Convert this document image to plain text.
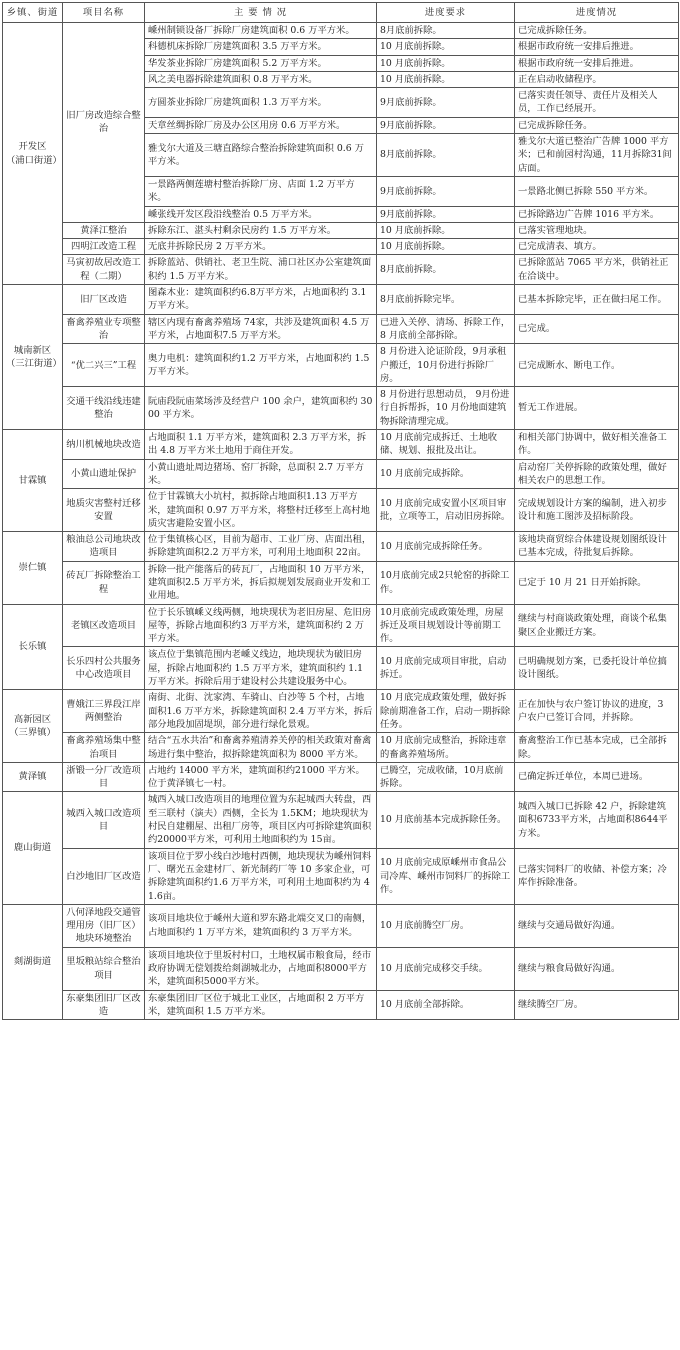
乡镇、街道	项目名称	主 要 情 况	进度要求	进度情况
开发区
（浦口街道）	旧厂房改造综合整治	嵊州制锁设备厂拆除厂房建筑面积 0.6 万平方米。	8月底前拆除。	已完成拆除任务。
		科德机床拆除厂房建筑面积 3.5 万平方米。	10 月底前拆除。	根据市政府统一安排后推进。
		华发茶业拆除厂房建筑面积 5.2 万平方米。	10 月底前拆除。	根据市政府统一安排后推进。
		风之美电器拆除建筑面积 0.8 万平方米。	10 月底前拆除。	正在启动收储程序。
		方圆茶业拆除厂房建筑面积 1.3 万平方米。	9月底前拆除。	已落实责任领导、责任片及相关人员，工作已经展开。
		天章丝绸拆除厂房及办公区用房 0.6 万平方米。	9月底前拆除。	已完成拆除任务。
		雅戈尔大道及三塘直路综合整治拆除建筑面积 0.6 万平方米。	8月底前拆除。	雅戈尔大道已整治广告牌 1000 平方米；已和前园村沟通，11月拆除31间店面。
		一景路两侧莲塘村整治拆除厂房、店面 1.2 万平方米。	9月底前拆除。	一景路北侧已拆除 550 平方米。
		嵊张线开发区段沿线整治 0.5 万平方米。	9月底前拆除。	已拆除路边广告牌 1016 平方米。
	黄泽江整治	拆除东江、湛头村剩余民房约 1.5 万平方米。	10 月底前拆除。	已落实管理地块。
	四明江改造工程	无底井拆除民房 2 万平方米。	10 月底前拆除。	已完成清表、填方。
	马寅初故居改造工程（二期）	拆除蓝站、供销社、老卫生院、浦口社区办公室建筑面积约 1.5 万平方米。	8月底前拆除。	已拆除蓝站 7065 平方米，供销社正在洽谈中。
城南新区
（三江街道）	旧厂区改造	图森木业：建筑面积约6.8万平方米，占地面积约 3.1 万平方米。	8月底前拆除完毕。	已基本拆除完毕，正在做扫尾工作。
	畜禽养殖业专项整治	辖区内现有畜禽养殖场 74家，共涉及建筑面积 4.5 万平方米，占地面积7.5 万平方米。	已进入关停、清场、拆除工作，8 月底前全部拆除。	已完成。
	“优二兴三”工程	奥力电机：建筑面积约1.2 万平方米，占地面积约 1.5 万平方米。	8 月份进入论证阶段，9月承租户搬迁，10月份进行拆除厂房。	已完成断水、断电工作。
	交通干线沿线违建整治	阮庙段阮庙菜场涉及经营户 100 余户，建筑面积约 3000 平方米。	8 月份进行思想动员， 9月份进行自拆帮拆，10 月份地面建筑物拆除清理完成。	暂无工作进展。
甘霖镇	纳川机械地块改造	占地面积 1.1 万平方米，建筑面积 2.3 万平方米，拆出 4.8 万平方米土地用于商住开发。	10 月底前完成拆迁、土地收储、规划、报批及出让。	和相关部门协调中，做好相关准备工作。
	小黄山遗址保护	小黄山遗址周边猪场、窑厂拆除，总面积 2.7 万平方米。	10 月底前完成拆除。	启动窑厂关停拆除的政策处理，做好相关农户的思想工作。
	地质灾害整村迁移安置	位于甘霖镇大小坑村，拟拆除占地面积1.13 万平方米，建筑面积 0.97 万平方米，将整村迁移至上高村地质灾害避险安置小区。	10 月底前完成安置小区项目审批，立项等工，启动旧房拆除。	完成规划设计方案的编制，进入初步设计和施工图涉及招标阶段。
崇仁镇	粮油总公司地块改造项目	位于集镇核心区，目前为超市、工业厂房、店面出租，拆除建筑面积2.2 万平方米，可利用土地面积 22亩。	10 月底前完成拆除任务。	该地块商贸综合体建设规划图纸设计已基本完成，待批复后拆除。
	砖瓦厂拆除整治工程	拆除一批产能落后的砖瓦厂，占地面积 10 万平方米，建筑面积2.5 万平方米，拆后拟规划发展商业开发和工业用地。	10月底前完成2只轮窑的拆除工作。	已定于 10 月 21 日开始拆除。
长乐镇	老镇区改造项目	位于长乐镇嵊义线两侧，地块现状为老旧房屋、危旧房屋等，拆除占地面积约3 万平方米，建筑面积约 2 万平方米。	10月底前完成政策处理，房屋拆迁及项目规划设计等前期工作。	继续与村商谈政策处理，商谈个私集聚区企业搬迁方案。
	长乐四村公共服务中心改造项目	该点位于集镇范围内老嵊义线边，地块现状为破旧房屋，拆除占地面积约 1.5 万平方米，建筑面积约 1.1 万平方米。拆除后用于建设村公共建设服务中心。	10 月底前完成项目审批，启动拆迁。	已明确规划方案，已委托设计单位搞设计图纸。
高新园区
（三界镇）	曹娥江三界段江岸两侧整治	南街、北街、沈家湾、车骑山、白沙等 5 个村，占地面积1.6 万平方米，拆除建筑面积 2.4 万平方米，拆后部分地段加固堤坝，部分进行绿化景观。	10 月底完成政策处理，做好拆除前期准备工作，启动一期拆除任务。	正在加快与农户签订协议的进度，3 户农户已签订合同，并拆除。
	畜禽养殖场集中整治项目	结合“五水共治”和畜禽养殖清养关停的相关政策对畜禽场进行集中整治，拟拆除建筑面积为 8000 平方米。	10 月底前完成整治，拆除违章的畜禽养殖场所。	畜禽整治工作已基本完成，已全部拆除。
黄泽镇	浙锻一分厂改造项目	占地约 14000 平方米，建筑面积约21000 平方米。位于黄泽镇七一村。	已腾空，完成收储，10月底前拆除。	已确定拆迁单位，本周已进场。
鹿山街道	城西入城口改造项目	城西入城口改造项目的地理位置为东起城西大转盘，西至三联村（演夫）西侧，全长为 1.5KM；地块现状为村民自建棚屋、出租厂房等，项目区内可拆除建筑面积约20000平方米，可利用土地面积约为 15亩。	10 月底前基本完成拆除任务。	城西入城口已拆除 42 户，拆除建筑面积6733平方米，占地面积8644平方米。
	白沙地旧厂区改造	该项目位于罗小线白沙地村西侧，地块现状为嵊州饲料厂、曙光五金建材厂、新光制药厂等 10 多家企业，可拆除建筑面积约1.6 万平方米，可利用土地面积约为 41.6亩。	10 月底前完成原嵊州市食品公司冷库、嵊州市饲料厂的拆除工作。	已落实饲料厂的收储、补偿方案；冷库作拆除准备。
剡湖街道	八何泽地段交通管理用房（旧厂区）地块环境整治	该项目地块位于嵊州大道和罗东路北端交叉口的南侧，占地面积约 1 万平方米，建筑面积约 3 万平方米。	10 月底前腾空厂房。	继续与交通局做好沟通。
	里坂粮站综合整治项目	该项目地块位于里坂村村口，土地权属市粮食局，经市政府协调无偿划拨给剡湖城北办，占地面积8000平方米，建筑面积5000平方米。	10 月底前完成移交手续。	继续与粮食局做好沟通。
	东豪集团旧厂区改造	东豪集团旧厂区位于城北工业区，占地面积 2 万平方米，建筑面积 1.5 万平方米。	10 月底前全部拆除。	继续腾空厂房。
